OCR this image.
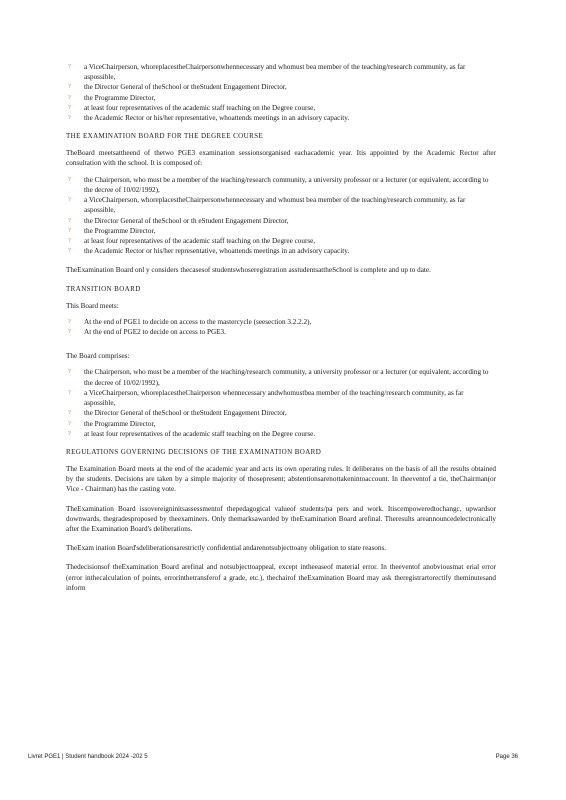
? a ViceChairperson, whoreplacestheChairpersonwhennecessary and whomust bea member of the teaching/research community, as far aspossible,
? the Director General of theSchool or theStudent Engagement Director,
? the Programme Director,
? at least four representatives of the academic staff teaching on the Degree course,
? the Academic Rector or his/her representative, whoattends meetings in an advisory capacity.
THE EXAMINATION BOARD FOR THE DEGREE COURSE

TheBoard meetsattheend of thetwo PGE3 examination sessionsorganised eachacademic year. Itis appointed by the Academic Rector after consultation with the school. It is composed of:

? the Chairperson, who must be a member of the teaching/research community, a university professor or a lecturer (or equivalent, according to the decree of 10/02/1992),
? a ViceChairperson, whoreplacestheChairpersonwhennecessary and whomust bea member of the teaching/research community, as far aspossible,
? the Director General of theSchool or th eStudent Engagement Director,
? the Programme Director,
? at least four representatives of the academic staff teaching on the Degree course,
? the Academic Rector or his/her representative, whoattends meetings in an advisory capacity.

TheExamination Board onl y considers thecasesof studentswhoseregistration asstudentsattheSchool is complete and up to date.

TRANSITION BOARD

This Board meets:

? At the end of PGE1 to decide on access to the mastercycle (seesection 3.2.2.2),
? At the end of PGE2 to decide on access to PGE3.

The Board comprises:

? the Chairperson, who must be a member of the teaching/research community, a university professor or a lecturer (or equivalent, according to the decree of 10/02/1992),
? a ViceChairperson, whoreplacestheChairperson whennecessary andwhomustbea member of the teaching/research community, as far aspossible,
? the Director General of theSchool or theStudent Engagement Director,
? the Programme Director,
? at least four representatives of the academic staff teaching on the Degree course.
REGULATIONS GOVERNING DECISIONS OF THE EXAMINATION BOARD

The Examination Board meets at the end of the academic year and acts its own operating rules. It deliberates on the basis of all the results obtained by the students. Decisions are taken by a simple majority of thosepresent; abstentionsarenottakenintoaccount. In theeventof a tie, theChairman(or Vice - Chairman) has the casting vote.

TheExamination Board issovereigninitsassessmentof thepedagogical valueof students/pa pers and work. Itiscempoweredtochangc, upwardsor downwards, thegradesproposed by theexaminers. Only themarksawarded by theExamination Board arefinal. Theresults areannouncedelectronically after the Examination Board's deliberations.

TheExam ination Board'sdeliberationsarestrictly confidential andarenotsubjecttoany obligation to state reasons.

Thedecisionsof theExamination Board arefinal and notsubjecttoappeal, except intheeaseof material error. In theeventof anobviousmat erial error (error inthecalculation of points, errorinthetransferof a grade, etc.), thechairof theExamination Board may ask theregistrartorectify theminutesand inform

Livret PGE1 | Student handbook 2024 -202 5	Page 36
